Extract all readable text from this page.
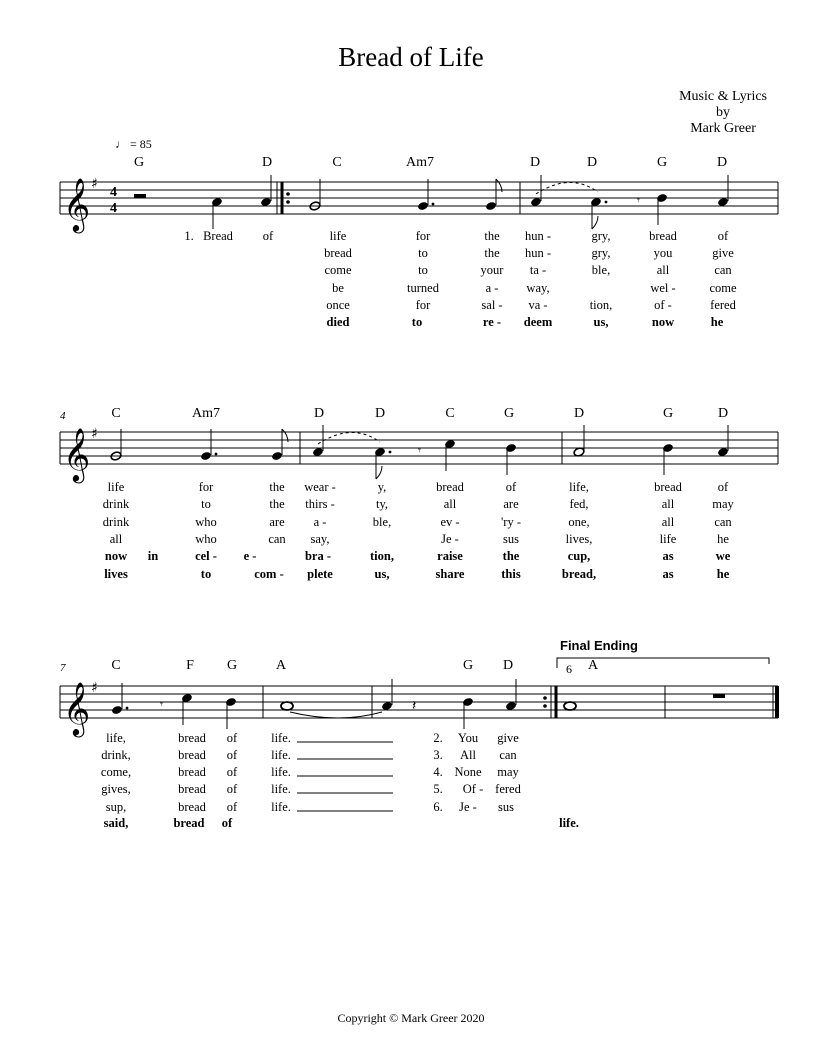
Bread of Life
Music & Lyrics
by
Mark Greer
♩ = 85
4
7
Final Ending
6
G	D	C	Am7	D	D	G	D
1. Bread of	life	for	the hun -	gry,	bread	of
bread	to	the hun -	gry,	you	give
come	to	your ta -	ble,	all	can
be	turned	a - way,	wel -	come
once	for	sal - va -	tion,	of -	fered
died	to	re - deem	us,	now	he
C	Am7	D	D	C	G	D	G	D
life	for	the wear -	y,	bread	of	life,	bread	of
drink	to	the thirs -	ty,	all	are	fed,	all	may
drink	who	are a -	ble,	ev -	'ry -	one,	all	can
all	who	can say,	Je -	sus	lives,	life	he
now in	cel - e -	bra -	tion,	raise	the	cup,	as	we
lives	to	com - plete	us,	share	this	bread,	as	he
C	F G	A	G D	A
life,	bread of	life.	2. You give
drink,	bread of	life.	3. All can
come,	bread of	life.	4. None may
gives,	bread of	life.	5. Of - fered
sup,	bread of	life.	6. Je - sus
said,	bread of	life.
𝄞
𝄞
𝄞
♯
♯
♯
4
4
𝄾
𝄾
𝄾	𝄽
Copyright © Mark Greer 2020
